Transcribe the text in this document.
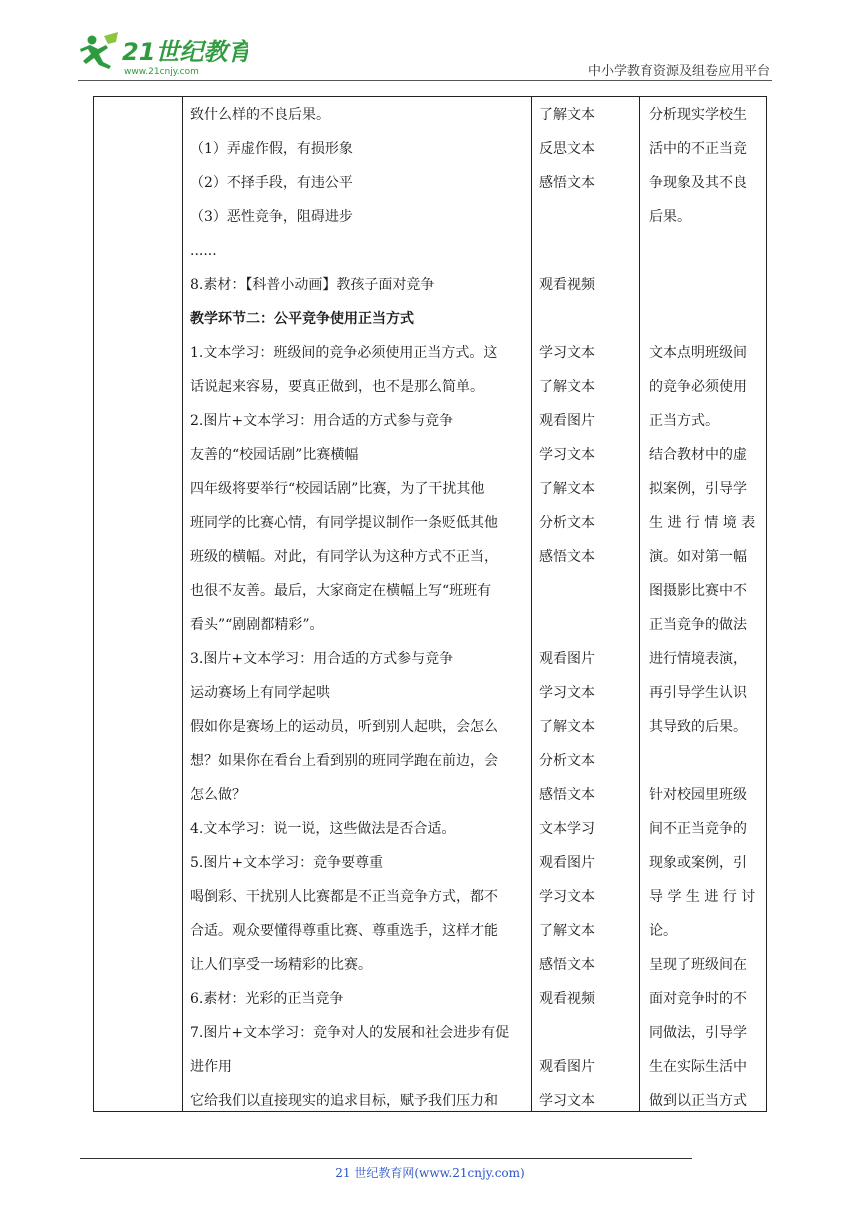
21世纪教育
www.21cnjy.com	中小学教育资源及组卷应用平台
致什么样的不良后果。
（1）弄虚作假，有损形象
（2）不择手段，有违公平
（3）恶性竞争，阻碍进步
......
8.素材：【科普小动画】教孩子面对竞争
教学环节二：公平竞争使用正当方式
1.文本学习：班级间的竞争必须使用正当方式。这
话说起来容易，要真正做到，也不是那么简单。
2.图片+文本学习：用合适的方式参与竞争
友善的“校园话剧”比赛横幅
四年级将要举行“校园话剧”比赛，为了干扰其他
班同学的比赛心情，有同学提议制作一条贬低其他
班级的横幅。对此，有同学认为这种方式不正当，
也很不友善。最后，大家商定在横幅上写“班班有
看头”“剧剧都精彩”。
3.图片+文本学习：用合适的方式参与竞争
运动赛场上有同学起哄
假如你是赛场上的运动员，听到别人起哄，会怎么
想？如果你在看台上看到别的班同学跑在前边，会
怎么做？
4.文本学习：说一说，这些做法是否合适。
5.图片+文本学习：竞争要尊重
喝倒彩、干扰别人比赛都是不正当竞争方式，都不
合适。观众要懂得尊重比赛、尊重选手，这样才能
让人们享受一场精彩的比赛。
6.素材：光彩的正当竞争
7.图片+文本学习：竞争对人的发展和社会进步有促
进作用
它给我们以直接现实的追求目标，赋予我们压力和
了解文本
反思文本
感悟文本
观看视频
学习文本
了解文本
观看图片
学习文本
了解文本
分析文本
感悟文本
观看图片
学习文本
了解文本
分析文本
感悟文本
文本学习
观看图片
学习文本
了解文本
感悟文本
观看视频
观看图片
学习文本
分析现实学校生
活中的不正当竞
争现象及其不良
后果。
文本点明班级间
的竞争必须使用
正当方式。
结合教材中的虚
拟案例，引导学
生 进 行 情 境 表
演。如对第一幅
图摄影比赛中不
正当竞争的做法
进行情境表演，
再引导学生认识
其导致的后果。
针对校园里班级
间不正当竞争的
现象或案例，引
导 学 生 进 行 讨
论。
呈现了班级间在
面对竞争时的不
同做法，引导学
生在实际生活中
做到以正当方式
21 世纪教育网(www.21cnjy.com)
